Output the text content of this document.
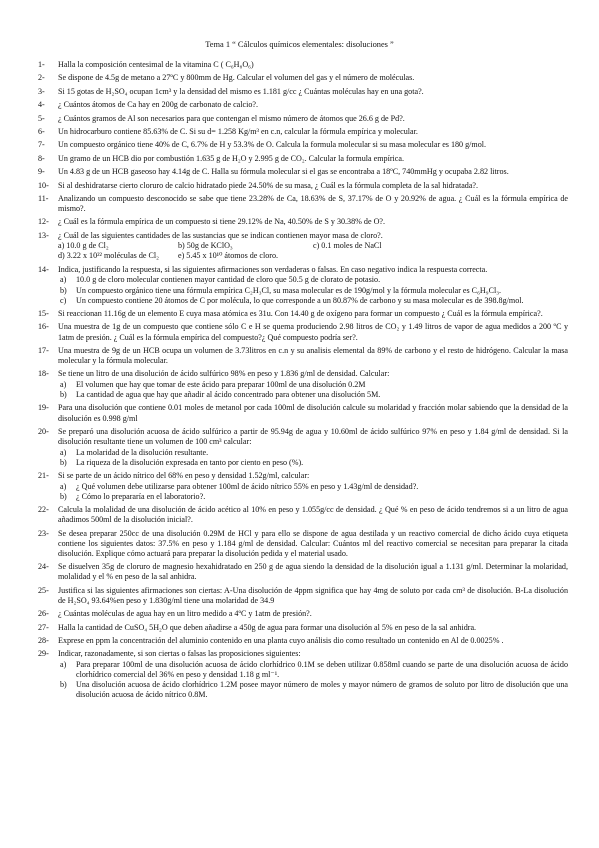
Tema 1 “ Cálculos químicos elementales: disoluciones ”
1-	Halla la composición centesimal de la vitamina C ( C₆H₈O₆)
2-	Se dispone de 4.5g de metano a 27ºC y 800mm de Hg. Calcular el volumen del gas y el número de moléculas.
3-	Si 15 gotas de H₂SO₄ ocupan 1cm³ y la densidad del mismo es 1.181 g/cc ¿ Cuántas moléculas hay en una gota?.
4-	¿ Cuántos átomos de Ca hay en 200g de carbonato de calcio?.
5-	¿ Cuántos gramos de Al son necesarios para que contengan el mismo número de átomos que 26.6 g de Pd?.
6-	Un hidrocarburo contiene 85.63% de C. Si su d= 1.258 Kg/m³ en c.n, calcular la fórmula empírica y molecular.
7-	Un compuesto orgánico tiene 40% de C, 6.7% de H y 53.3% de O. Calcula la formula molecular si su masa molecular es 180 g/mol.
8-	Un gramo de un HCB dio por combustión 1.635 g de H₂O y 2.995 g de CO₂. Calcular la formula empírica.
9-	Un 4.83 g de un HCB gaseoso hay 4.14g de C. Halla su fórmula molecular si el gas se encontraba a 18ºC, 740mmHg y ocupaba 2.82 litros.
10-	Si al deshidratarse cierto cloruro de calcio hidratado piede 24.50% de su masa, ¿ Cuál es la fórmula completa de la sal hidratada?.
11-	Analizando un compuesto desconocido se sabe que tiene 23.28% de Ca, 18.63% de S, 37.17% de O y 20.92% de agua. ¿ Cuál es la fórmula empírica de mismo?.
12-	¿ Cuál es la fórmula empírica de un compuesto si tiene 29.12% de Na, 40.50% de S y 30.38% de O?.
13-	¿ Cuál de las siguientes cantidades de las sustancias que se indican contienen mayor masa de cloro?.
a) 10.0 g de Cl₂	b) 50g de KClO₃	c) 0.1 moles de NaCl
d) 3.22 x 10²² moléculas de Cl₂	e) 5.45 x 10¹⁰ átomos de cloro.
14-	Indica, justificando la respuesta, si las siguientes afirmaciones son verdaderas o falsas. En caso negativo indica la respuesta correcta.
a)	10.0 g de cloro molecular contienen mayor cantidad de cloro que 50.5 g de clorato de potasio.
b)	Un compuesto orgánico tiene una fórmula empírica C₂H₃Cl, su masa molecular es de 190g/mol y la fórmula molecular es C₆H₉Cl₃.
c)	Un compuesto contiene 20 átomos de C por molécula, lo que corresponde a un 80.87% de carbono y su masa molecular es de 398.8g/mol.
15-	Si reaccionan 11.16g de un elemento E cuya masa atómica es 31u. Con 14.40 g de oxígeno para formar un compuesto ¿ Cuál es la fórmula empírica?.
16-	Una muestra de 1g de un compuesto que contiene sólo C e H se quema produciendo 2.98 litros de CO₂ y 1.49 litros de vapor de agua medidos a 200 ºC y 1atm de presión. ¿ Cuál es la fórmula empírica del compuesto?¿ Qué compuesto podría ser?.
17-	Una muestra de 9g de un HCB ocupa un volumen de 3.73litros en c.n y su analisis elemental da 89% de carbono y el resto de hidrógeno. Calcular la masa molecular y la fórmula molecular.
18-	Se tiene un litro de una disolución de ácido sulfúrico 98% en peso y 1.836 g/ml de densidad. Calcular:
a)	El volumen que hay que tomar de este ácido para preparar 100ml de una disolución 0.2M
b)	La cantidad de agua que hay que añadir al ácido concentrado para obtener una disolución 5M.
19-	Para una disolución que contiene 0.01 moles de metanol por cada 100ml de disolución calcule su molaridad y fracción molar sabiendo que la densidad de la disolución es 0.998 g/ml
20-	Se preparó una disolución acuosa de ácido sulfúrico a partir de 95.94g de agua y 10.60ml de ácido sulfúrico 97% en peso y 1.84 g/ml de densidad. Si la disolución resultante tiene un volumen de 100 cm³ calcular:
a)	La molaridad de la disolución resultante.
b)	La riqueza de la disolución expresada en tanto por ciento en peso (%).
21-	Si se parte de un ácido nítrico del 68% en peso y densidad 1.52g/ml, calcular:
a)	¿ Qué volumen debe utilizarse para obtener 100ml de ácido nítrico 55% en peso y 1.43g/ml de densidad?.
b)	¿ Cómo lo prepararía en el laboratorio?.
22-	Calcula la molalidad de una disolución de ácido acético al 10% en peso y 1.055g/cc de densidad. ¿ Qué % en peso de ácido tendremos si a un litro de agua añadimos 500ml de la disolución inicial?.
23-	Se desea preparar 250cc de una disolución 0.29M de HCl y para ello se dispone de agua destilada y un reactivo comercial de dicho ácido cuya etiqueta contiene los siguientes datos: 37.5% en peso y 1.184 g/ml de densidad. Calcular: Cuántos ml del reactivo comercial se necesitan para preparar la citada disolución. Explique cómo actuará para preparar la disolución pedida y el material usado.
24-	Se disuelven 35g de cloruro de magnesio hexahidratado en 250 g de agua siendo la densidad de la disolución igual a 1.131 g/ml. Determinar la molaridad, molalidad y el % en peso de la sal anhidra.
25-	Justifica si las siguientes afirmaciones son ciertas: A-Una disolución de 4ppm significa que hay 4mg de soluto por cada cm³ de disolución. B-La disolución de H₂SO₄ 93.64%en peso y 1.830g/ml tiene una molaridad de 34.9
26-	¿ Cuántas moléculas de agua hay en un litro medido a 4ºC y 1atm de presión?.
27-	Halla la cantidad de CuSO₄ 5H₂O que deben añadirse a 450g de agua para formar una disolución al 5% en peso de la sal anhidra.
28-	Exprese en ppm la concentración del aluminio contenido en una planta cuyo análisis dio como resultado un contenido en Al de 0.0025% .
29-	Indicar, razonadamente, si son ciertas o falsas las proposiciones siguientes:
a)	Para preparar 100ml de una disolución acuosa de ácido clorhídrico 0.1M se deben utilizar 0.858ml cuando se parte de una disolución acuosa de ácido clorhídrico comercial del 36% en peso y densidad 1.18 g ml⁻¹.
b)	Una disolución acuosa de ácido clorhídrico 1.2M posee mayor número de moles y mayor número de gramos de soluto por litro de disolución que una disolución acuosa de ácido nítrico 0.8M.
